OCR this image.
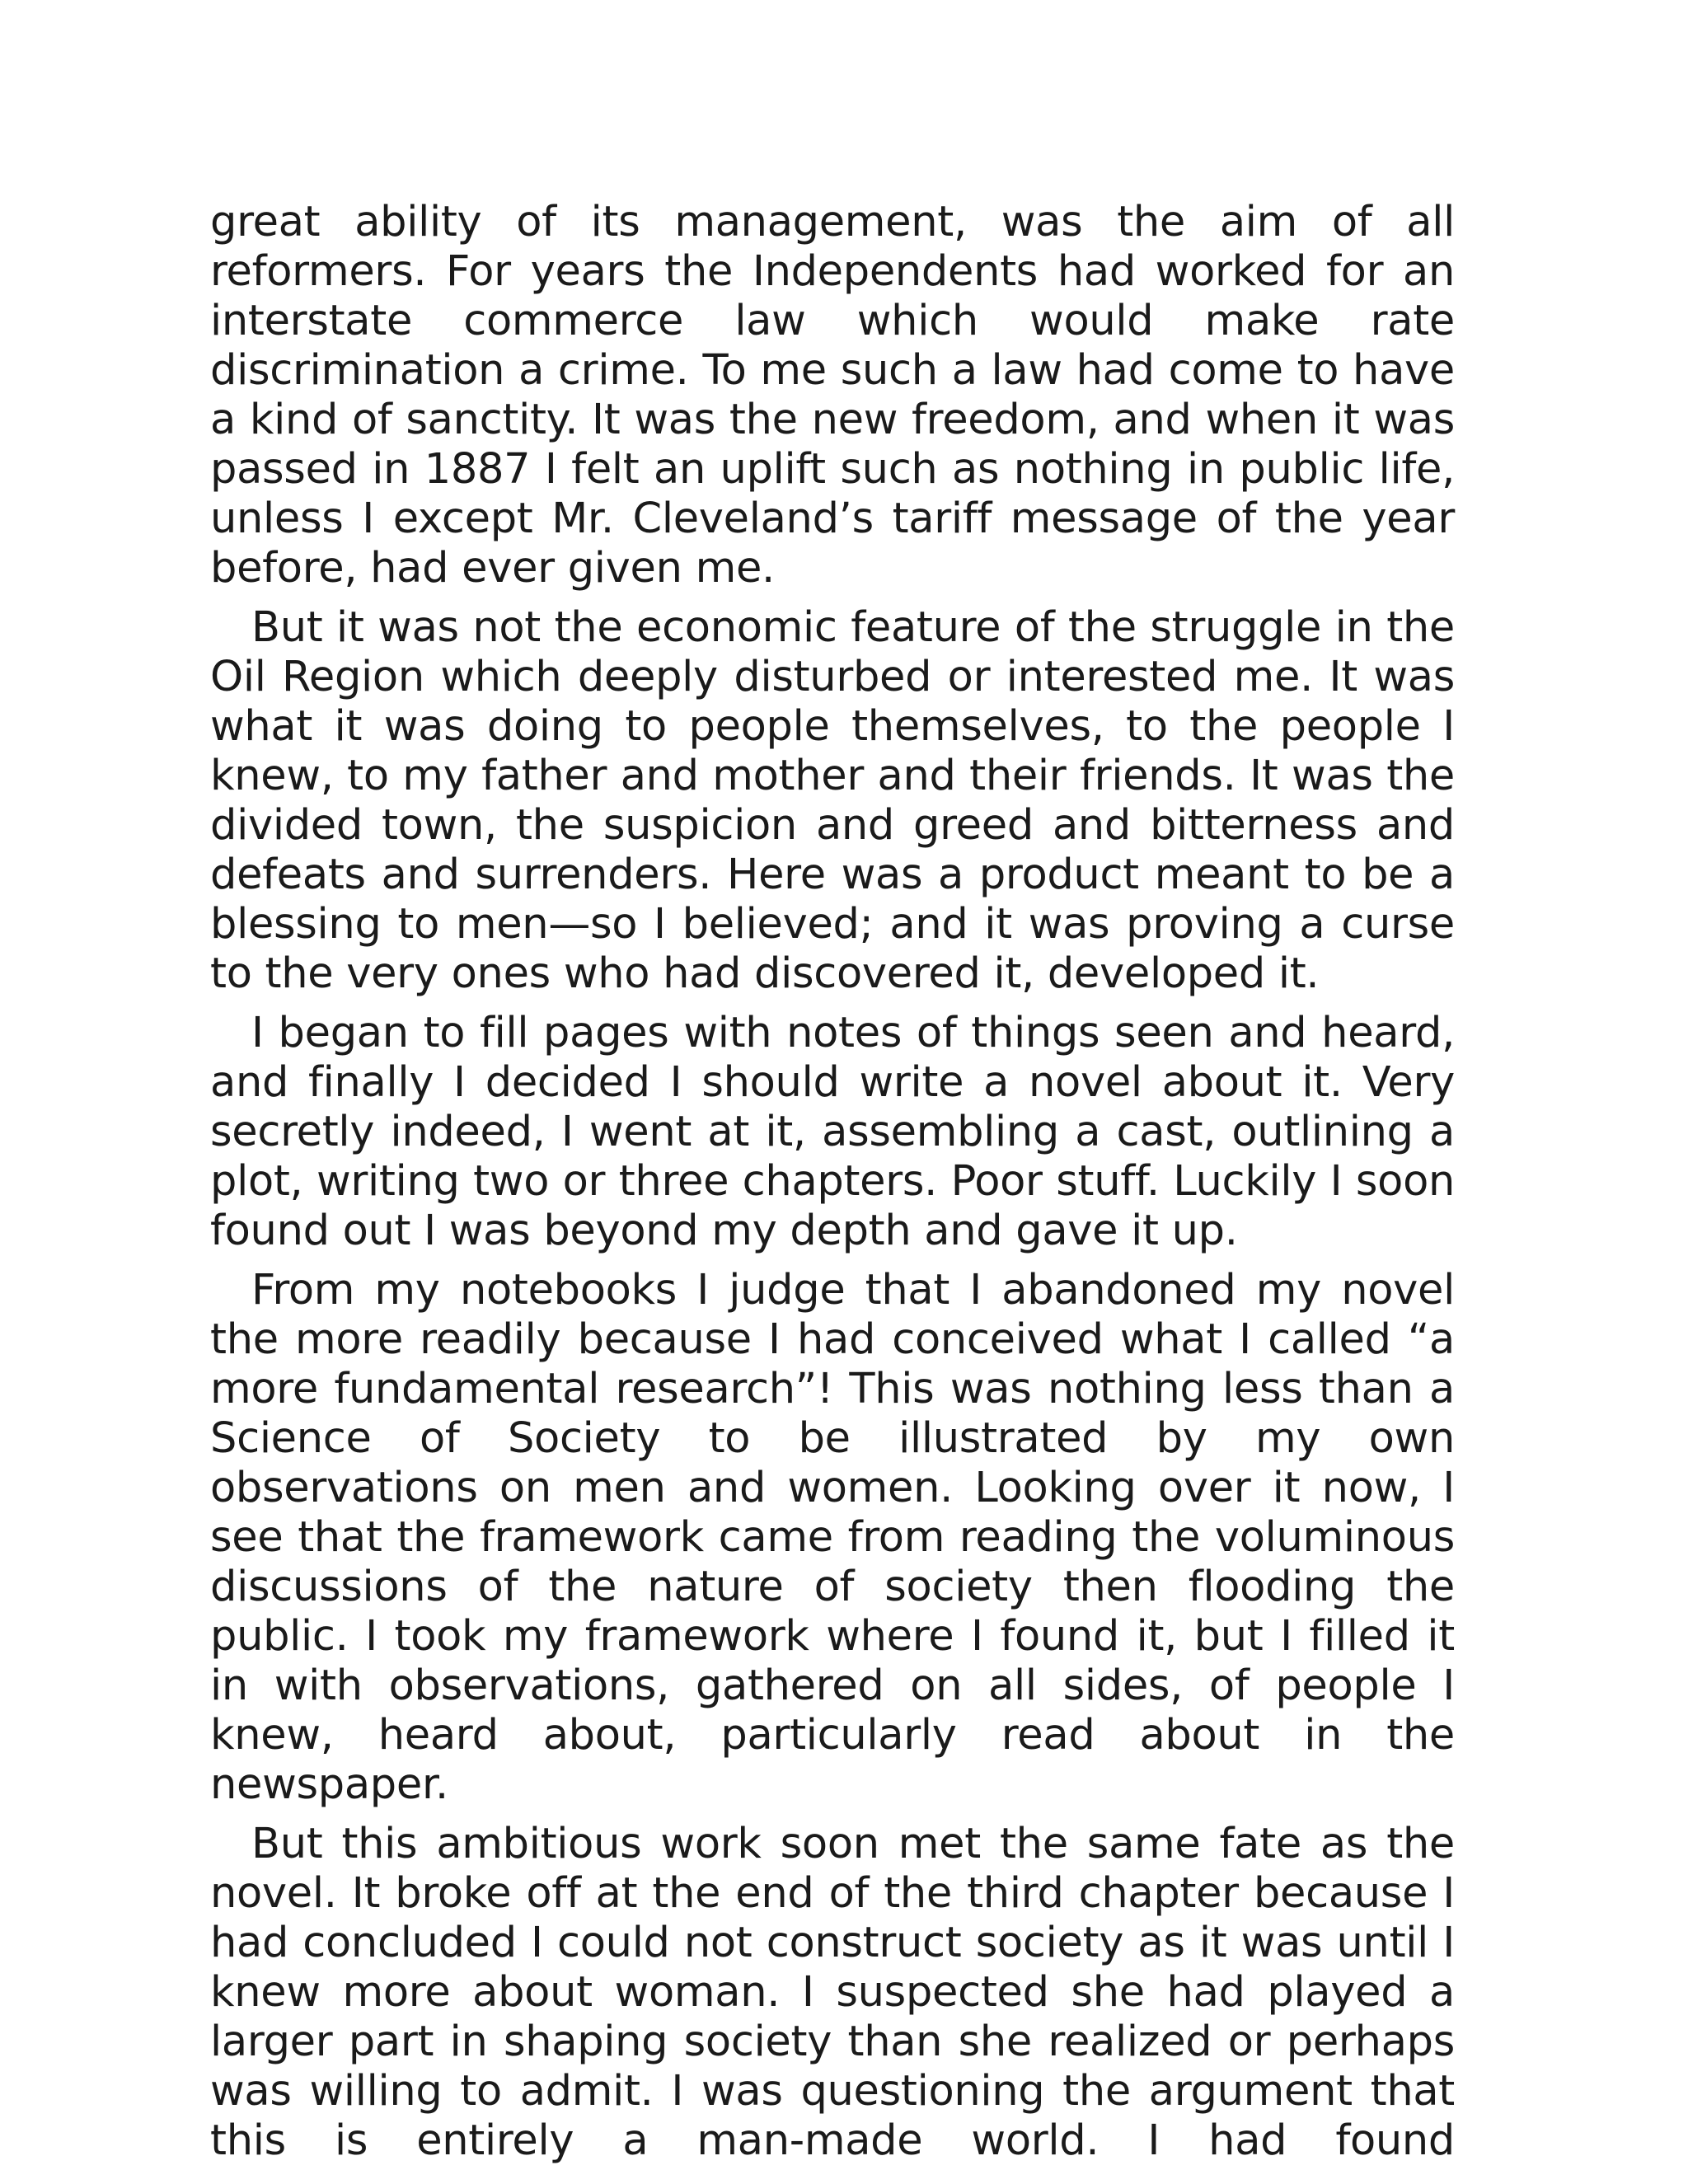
great ability of its management, was the aim of all reformers. For years the Independents had worked for an interstate commerce law which would make rate discrimination a crime. To me such a law had come to have a kind of sanctity. It was the new freedom, and when it was passed in 1887 I felt an uplift such as nothing in public life, unless I except Mr. Cleveland’s tariff message of the year before, had ever given me.

But it was not the economic feature of the struggle in the Oil Region which deeply disturbed or interested me. It was what it was doing to people themselves, to the people I knew, to my father and mother and their friends. It was the divided town, the suspicion and greed and bitterness and defeats and surrenders. Here was a product meant to be a blessing to men—so I believed; and it was proving a curse to the very ones who had discovered it, developed it.

I began to fill pages with notes of things seen and heard, and finally I decided I should write a novel about it. Very secretly indeed, I went at it, assembling a cast, outlining a plot, writing two or three chapters. Poor stuff. Luckily I soon found out I was beyond my depth and gave it up.

From my notebooks I judge that I abandoned my novel the more readily because I had conceived what I called “a more fundamental research”! This was nothing less than a Science of Society to be illustrated by my own observations on men and women. Looking over it now, I see that the framework came from reading the voluminous discussions of the nature of society then flooding the public. I took my framework where I found it, but I filled it in with observations, gathered on all sides, of people I knew, heard about, particularly read about in the newspaper.

But this ambitious work soon met the same fate as the novel. It broke off at the end of the third chapter because I had concluded I could not construct society as it was until I knew more about woman. I suspected she had played a larger part in shaping society than she realized or perhaps was willing to admit. I was questioning the argument that this is entirely a man-made world. I had found
